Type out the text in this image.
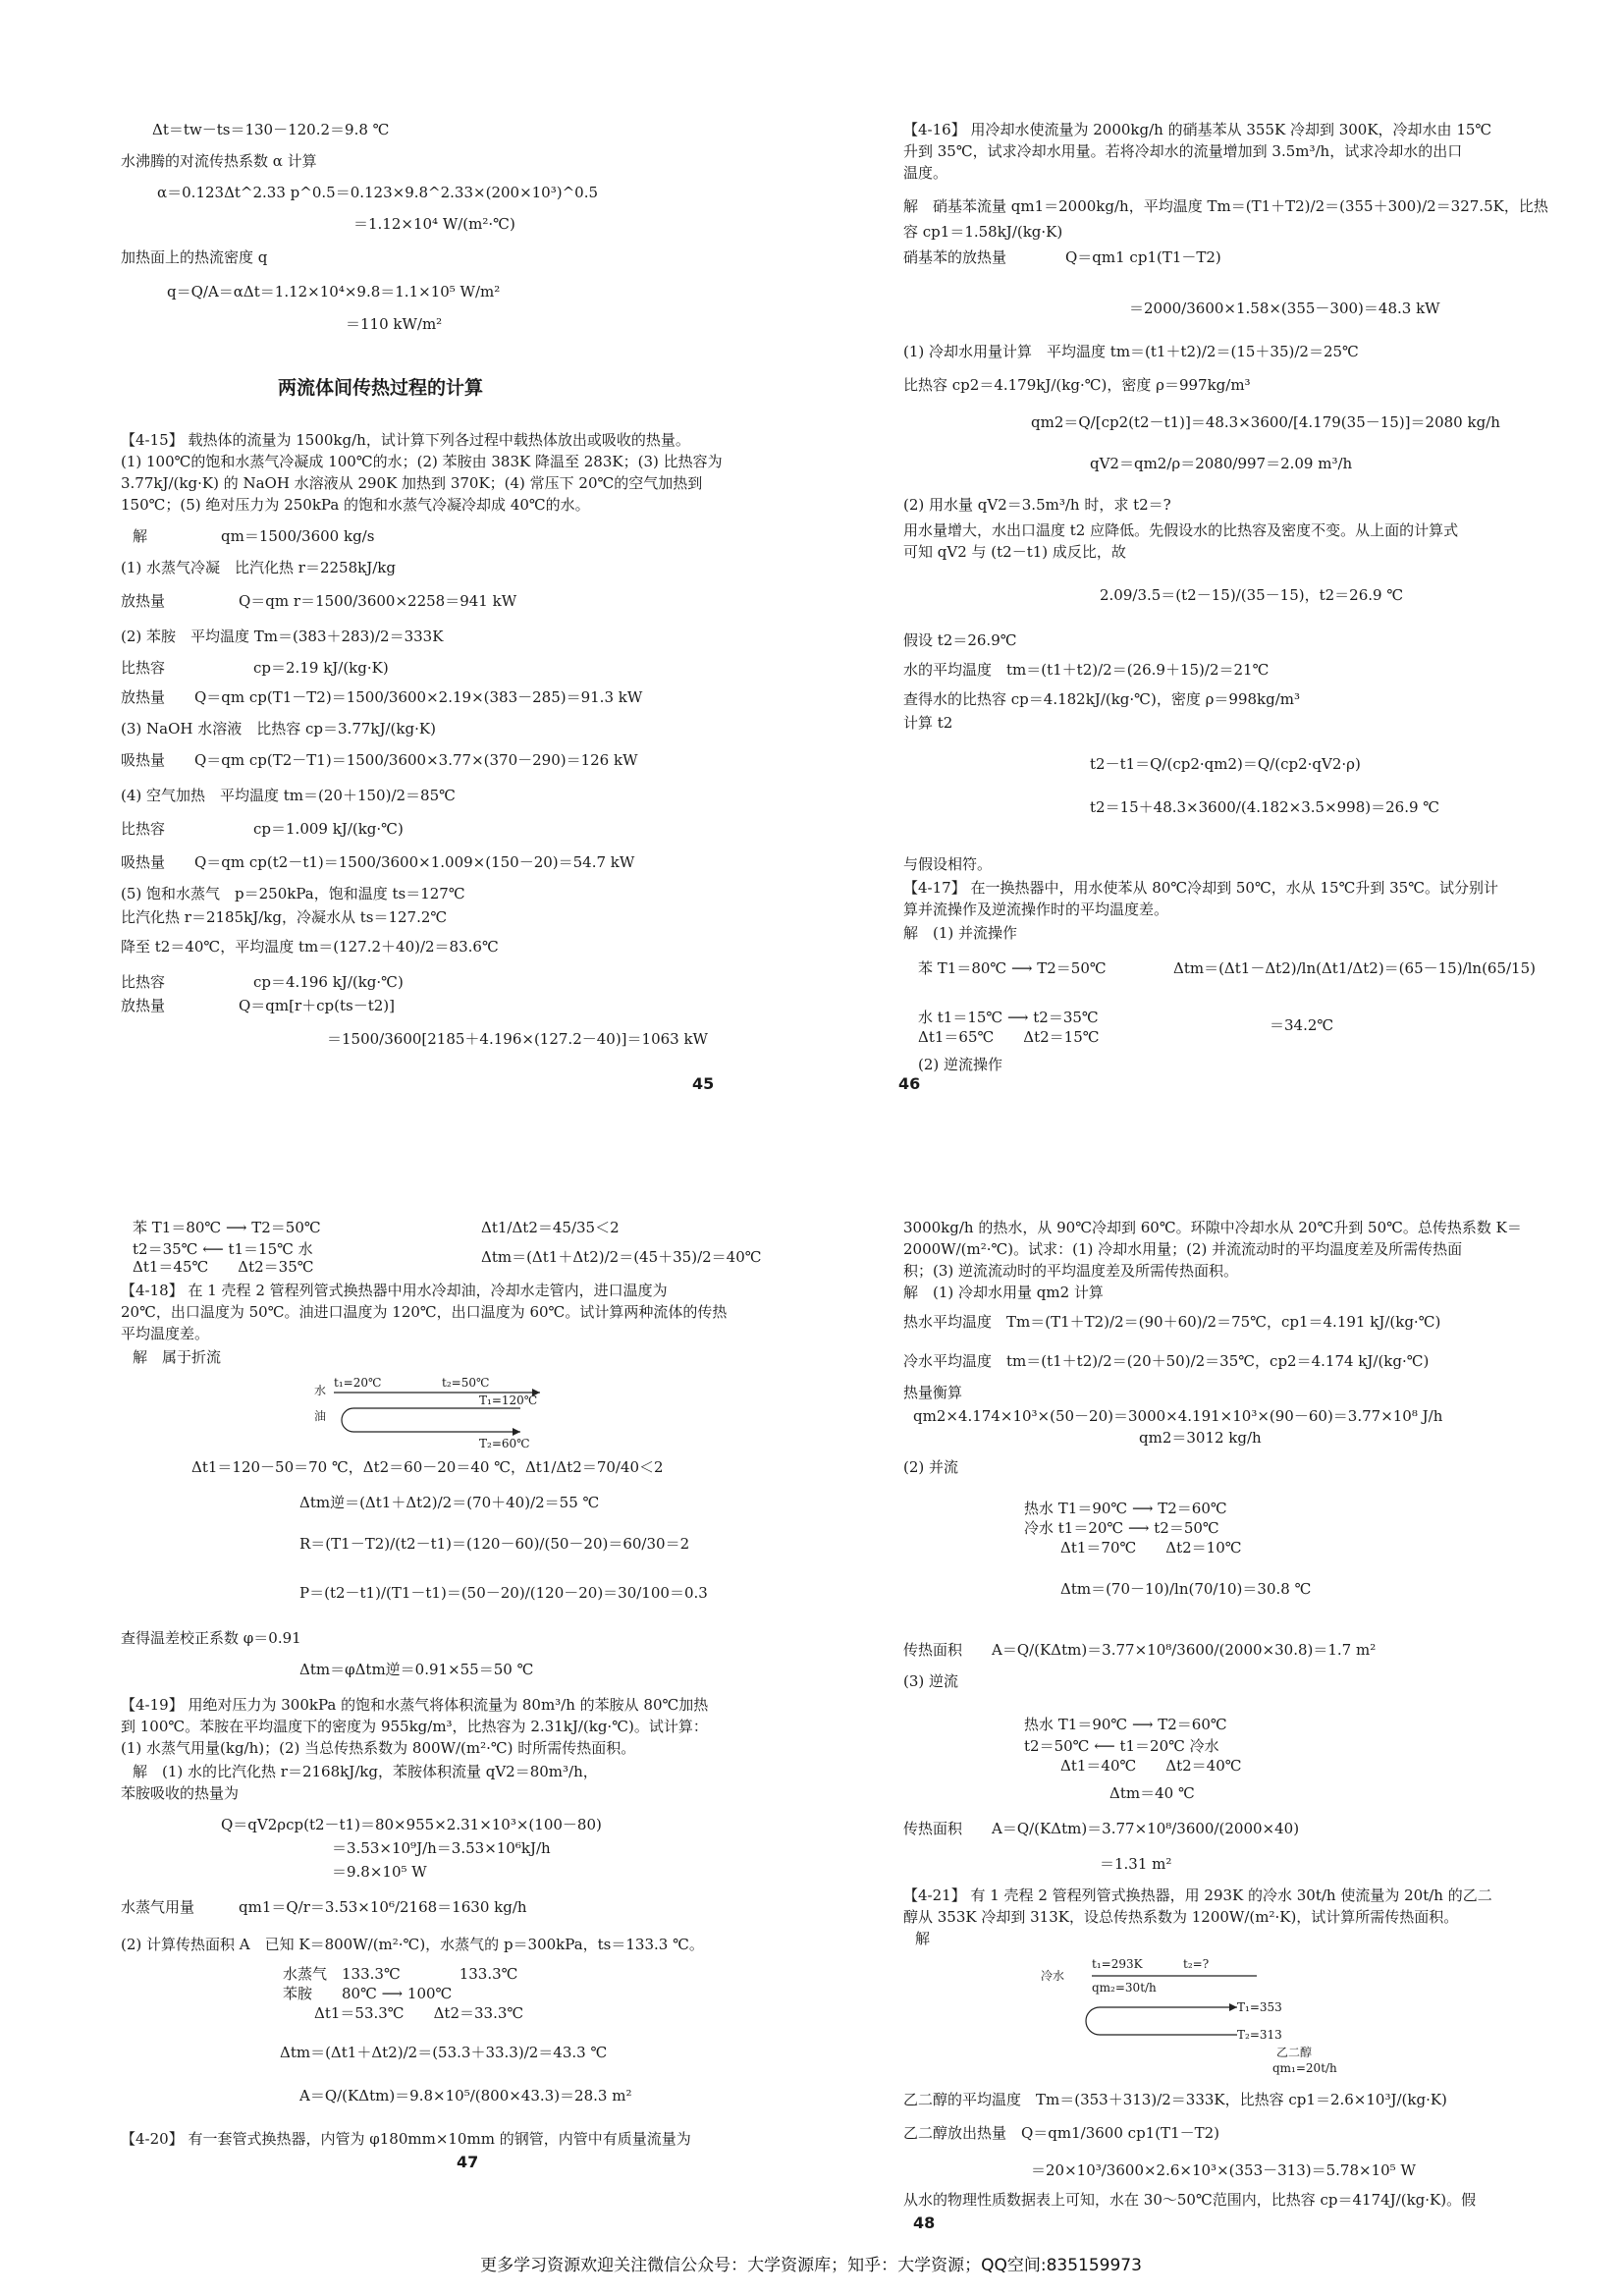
Δt＝tw－ts＝130－120.2＝9.8 ℃
水沸腾的对流传热系数 α 计算
α＝0.123Δt^2.33 p^0.5＝0.123×9.8^2.33×(200×10³)^0.5
＝1.12×10⁴ W/(m²·℃)
加热面上的热流密度 q
q＝Q/A＝αΔt＝1.12×10⁴×9.8＝1.1×10⁵ W/m²
＝110 kW/m²
两流体间传热过程的计算
【4-15】 载热体的流量为 1500kg/h，试计算下列各过程中载热体放出或吸收的热量。
(1) 100℃的饱和水蒸气冷凝成 100℃的水；(2) 苯胺由 383K 降温至 283K；(3) 比热容为
3.77kJ/(kg·K) 的 NaOH 水溶液从 290K 加热到 370K；(4) 常压下 20℃的空气加热到
150℃；(5) 绝对压力为 250kPa 的饱和水蒸气冷凝冷却成 40℃的水。
解　　　　　qm＝1500/3600 kg/s
(1) 水蒸气冷凝　比汽化热 r＝2258kJ/kg
放热量　　　　　Q＝qm r＝1500/3600×2258＝941 kW
(2) 苯胺　平均温度 Tm＝(383＋283)/2＝333K
比热容　　　　　　cp＝2.19 kJ/(kg·K)
放热量　　Q＝qm cp(T1－T2)＝1500/3600×2.19×(383－285)＝91.3 kW
(3) NaOH 水溶液　比热容 cp＝3.77kJ/(kg·K)
吸热量　　Q＝qm cp(T2－T1)＝1500/3600×3.77×(370－290)＝126 kW
(4) 空气加热　平均温度 tm＝(20＋150)/2＝85℃
比热容　　　　　　cp＝1.009 kJ/(kg·℃)
吸热量　　Q＝qm cp(t2－t1)＝1500/3600×1.009×(150－20)＝54.7 kW
(5) 饱和水蒸气　p＝250kPa，饱和温度 ts＝127℃
比汽化热 r＝2185kJ/kg，冷凝水从 ts＝127.2℃
降至 t2＝40℃，平均温度 tm＝(127.2＋40)/2＝83.6℃
比热容　　　　　　cp＝4.196 kJ/(kg·℃)
放热量　　　　　Q＝qm[r＋cp(ts－t2)]
＝1500/3600[2185＋4.196×(127.2－40)]＝1063 kW
45
【4-16】 用冷却水使流量为 2000kg/h 的硝基苯从 355K 冷却到 300K，冷却水由 15℃
升到 35℃，试求冷却水用量。若将冷却水的流量增加到 3.5m³/h，试求冷却水的出口
温度。
解　硝基苯流量 qm1＝2000kg/h，平均温度 Tm＝(T1＋T2)/2＝(355＋300)/2＝327.5K，比热
容 cp1＝1.58kJ/(kg·K)
硝基苯的放热量　　　　Q＝qm1 cp1(T1－T2)
＝2000/3600×1.58×(355－300)＝48.3 kW
(1) 冷却水用量计算　平均温度 tm＝(t1＋t2)/2＝(15＋35)/2＝25℃
比热容 cp2＝4.179kJ/(kg·℃)，密度 ρ＝997kg/m³
qm2＝Q/[cp2(t2－t1)]＝48.3×3600/[4.179(35－15)]＝2080 kg/h
qV2＝qm2/ρ＝2080/997＝2.09 m³/h
(2) 用水量 qV2＝3.5m³/h 时，求 t2＝?
用水量增大，水出口温度 t2 应降低。先假设水的比热容及密度不变。从上面的计算式
可知 qV2 与 (t2－t1) 成反比，故
2.09/3.5＝(t2－15)/(35－15)，t2＝26.9 ℃
假设 t2＝26.9℃
水的平均温度　tm＝(t1＋t2)/2＝(26.9＋15)/2＝21℃
查得水的比热容 cp＝4.182kJ/(kg·℃)，密度 ρ＝998kg/m³
计算 t2
t2－t1＝Q/(cp2·qm2)＝Q/(cp2·qV2·ρ)
t2＝15＋48.3×3600/(4.182×3.5×998)＝26.9 ℃
与假设相符。
【4-17】 在一换热器中，用水使苯从 80℃冷却到 50℃，水从 15℃升到 35℃。试分别计
算并流操作及逆流操作时的平均温度差。
解　(1) 并流操作
苯 T1＝80℃ ⟶ T2＝50℃	Δtm＝(Δt1－Δt2)/ln(Δt1/Δt2)＝(65－15)/ln(65/15)
水 t1＝15℃ ⟶ t2＝35℃
Δt1＝65℃　　Δt2＝15℃
＝34.2℃
(2) 逆流操作
46
苯 T1＝80℃ ⟶ T2＝50℃	Δt1/Δt2＝45/35＜2
t2＝35℃ ⟵ t1＝15℃ 水
Δt1＝45℃　　Δt2＝35℃
Δtm＝(Δt1＋Δt2)/2＝(45＋35)/2＝40℃
【4-18】 在 1 壳程 2 管程列管式换热器中用水冷却油，冷却水走管内，进口温度为
20℃，出口温度为 50℃。油进口温度为 120℃，出口温度为 60℃。试计算两种流体的传热
平均温度差。
解　属于折流
水
t₁=20℃	t₂=50℃
油
T₁=120℃
T₂=60℃
Δt1＝120－50＝70 ℃，Δt2＝60－20＝40 ℃，Δt1/Δt2＝70/40＜2
Δtm逆＝(Δt1＋Δt2)/2＝(70＋40)/2＝55 ℃
R＝(T1－T2)/(t2－t1)＝(120－60)/(50－20)＝60/30＝2
P＝(t2－t1)/(T1－t1)＝(50－20)/(120－20)＝30/100＝0.3
查得温差校正系数 φ＝0.91
Δtm＝φΔtm逆＝0.91×55＝50 ℃
【4-19】 用绝对压力为 300kPa 的饱和水蒸气将体积流量为 80m³/h 的苯胺从 80℃加热
到 100℃。苯胺在平均温度下的密度为 955kg/m³，比热容为 2.31kJ/(kg·℃)。试计算：
(1) 水蒸气用量(kg/h)；(2) 当总传热系数为 800W/(m²·℃) 时所需传热面积。
解　(1) 水的比汽化热 r＝2168kJ/kg，苯胺体积流量 qV2＝80m³/h，
苯胺吸收的热量为
Q＝qV2ρcp(t2－t1)＝80×955×2.31×10³×(100－80)
＝3.53×10⁹J/h＝3.53×10⁶kJ/h
＝9.8×10⁵ W
水蒸气用量　　　qm1＝Q/r＝3.53×10⁶/2168＝1630 kg/h
(2) 计算传热面积 A　已知 K＝800W/(m²·℃)，水蒸气的 p＝300kPa，ts＝133.3 ℃。
水蒸气　133.3℃　　　　133.3℃
苯胺　　80℃ ⟶ 100℃
Δt1＝53.3℃　　Δt2＝33.3℃
Δtm＝(Δt1＋Δt2)/2＝(53.3＋33.3)/2＝43.3 ℃
A＝Q/(KΔtm)＝9.8×10⁵/(800×43.3)＝28.3 m²
【4-20】 有一套管式换热器，内管为 φ180mm×10mm 的钢管，内管中有质量流量为
47
3000kg/h 的热水，从 90℃冷却到 60℃。环隙中冷却水从 20℃升到 50℃。总传热系数 K＝
2000W/(m²·℃)。试求：(1) 冷却水用量；(2) 并流流动时的平均温度差及所需传热面
积；(3) 逆流流动时的平均温度差及所需传热面积。
解　(1) 冷却水用量 qm2 计算
热水平均温度　Tm＝(T1＋T2)/2＝(90＋60)/2＝75℃，cp1＝4.191 kJ/(kg·℃)
冷水平均温度　tm＝(t1＋t2)/2＝(20＋50)/2＝35℃，cp2＝4.174 kJ/(kg·℃)
热量衡算
qm2×4.174×10³×(50－20)＝3000×4.191×10³×(90－60)＝3.77×10⁸ J/h
qm2＝3012 kg/h
(2) 并流
热水 T1＝90℃ ⟶ T2＝60℃
冷水 t1＝20℃ ⟶ t2＝50℃
Δt1＝70℃　　Δt2＝10℃
Δtm＝(70－10)/ln(70/10)＝30.8 ℃
传热面积　　A＝Q/(KΔtm)＝3.77×10⁸/3600/(2000×30.8)＝1.7 m²
(3) 逆流
热水 T1＝90℃ ⟶ T2＝60℃
t2＝50℃ ⟵ t1＝20℃ 冷水
Δt1＝40℃　　Δt2＝40℃
Δtm＝40 ℃
传热面积　　A＝Q/(KΔtm)＝3.77×10⁸/3600/(2000×40)
＝1.31 m²
【4-21】 有 1 壳程 2 管程列管式换热器，用 293K 的冷水 30t/h 使流量为 20t/h 的乙二
醇从 353K 冷却到 313K，设总传热系数为 1200W/(m²·K)，试计算所需传热面积。
解
冷水
t₁=293K	t₂=?
qm₂=30t/h
T₁=353
T₂=313
乙二醇
qm₁=20t/h
乙二醇的平均温度　Tm＝(353＋313)/2＝333K，比热容 cp1＝2.6×10³J/(kg·K)
乙二醇放出热量　Q＝qm1/3600 cp1(T1－T2)
＝20×10³/3600×2.6×10³×(353－313)＝5.78×10⁵ W
从水的物理性质数据表上可知，水在 30～50℃范围内，比热容 cp＝4174J/(kg·K)。假
48
更多学习资源欢迎关注微信公众号：大学资源库；知乎：大学资源；QQ空间:835159973
